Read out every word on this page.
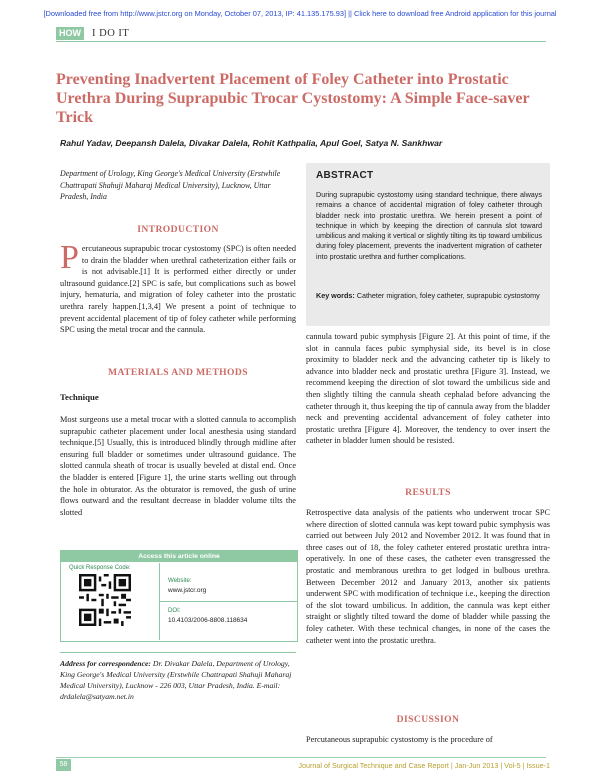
[Downloaded free from http://www.jstcr.org on Monday, October 07, 2013, IP: 41.135.175.93] || Click here to download free Android application for this journal
HOW I DO IT
Preventing Inadvertent Placement of Foley Catheter into Prostatic Urethra During Suprapubic Trocar Cystostomy: A Simple Face-saver Trick
Rahul Yadav, Deepansh Dalela, Divakar Dalela, Rohit Kathpalia, Apul Goel, Satya N. Sankhwar
Department of Urology, King George's Medical University (Erstwhile Chattrapati Shahuji Maharaj Medical University), Lucknow, Uttar Pradesh, India
ABSTRACT

During suprapubic cystostomy using standard technique, there always remains a chance of accidental migration of foley catheter through bladder neck into prostatic urethra. We herein present a point of technique in which by keeping the direction of cannula slot toward umbilicus and making it vertical or slightly tilting its tip toward umbilicus during foley placement, prevents the inadvertent migration of catheter into prostatic urethra and further complications.

Key words: Catheter migration, foley catheter, suprapubic cystostomy

INTRODUCTION

Percutaneous suprapubic trocar cystostomy (SPC) is often needed to drain the bladder when urethral catheterization either fails or is not advisable.[1] It is performed either directly or under ultrasound guidance.[2] SPC is safe, but complications such as bowel injury, hematuria, and migration of foley catheter into the prostatic urethra rarely happen.[1,3,4] We present a point of technique to prevent accidental placement of tip of foley catheter while performing SPC using the metal trocar and the cannula.

MATERIALS AND METHODS
Technique

Most surgeons use a metal trocar with a slotted cannula to accomplish suprapubic catheter placement under local anesthesia using standard technique.[5] Usually, this is introduced blindly through midline after ensuring full bladder or sometimes under ultrasound guidance. The slotted cannula sheath of trocar is usually beveled at distal end. Once the bladder is entered [Figure 1], the urine starts welling out through the hole in obturator. As the obturator is removed, the gush of urine flows outward and the resultant decrease in bladder volume tilts the slotted

Access this article online
Quick Response Code:
Website:
www.jstcr.org
DOI:
10.4103/2006-8808.118634

Address for correspondence: Dr. Divakar Dalela, Department of Urology, King George's Medical University (Erstwhile Chattrapati Shahuji Maharaj Medical University), Lucknow - 226 003, Uttar Pradesh, India. E-mail: drdalela@satyam.net.in

cannula toward pubic symphysis [Figure 2]. At this point of time, if the slot in cannula faces pubic symphysial side, its bevel is in close proximity to bladder neck and the advancing catheter tip is likely to advance into bladder neck and prostatic urethra [Figure 3]. Instead, we recommend keeping the direction of slot toward the umbilicus side and then slightly tilting the cannula sheath cephalad before advancing the catheter through it, thus keeping the tip of cannula away from the bladder neck and preventing accidental advancement of foley catheter into prostatic urethra [Figure 4]. Moreover, the tendency to over insert the catheter in bladder lumen should be resisted.

RESULTS

Retrospective data analysis of the patients who underwent trocar SPC where direction of slotted cannula was kept toward pubic symphysis was carried out between July 2012 and November 2012. It was found that in three cases out of 18, the foley catheter entered prostatic urethra intra-operatively. In one of these cases, the catheter even transgressed the prostatic and membranous urethra to get lodged in bulbous urethra. Between December 2012 and January 2013, another six patients underwent SPC with modification of technique i.e., keeping the direction of the slot toward umbilicus. In addition, the cannula was kept either straight or slightly tilted toward the dome of bladder while passing the foley catheter. With these technical changes, in none of the cases the catheter went into the prostatic urethra.

DISCUSSION

Percutaneous suprapubic cystostomy is the procedure of

58	Journal of Surgical Technique and Case Report | Jan-Jun 2013 | Vol-5 | Issue-1
